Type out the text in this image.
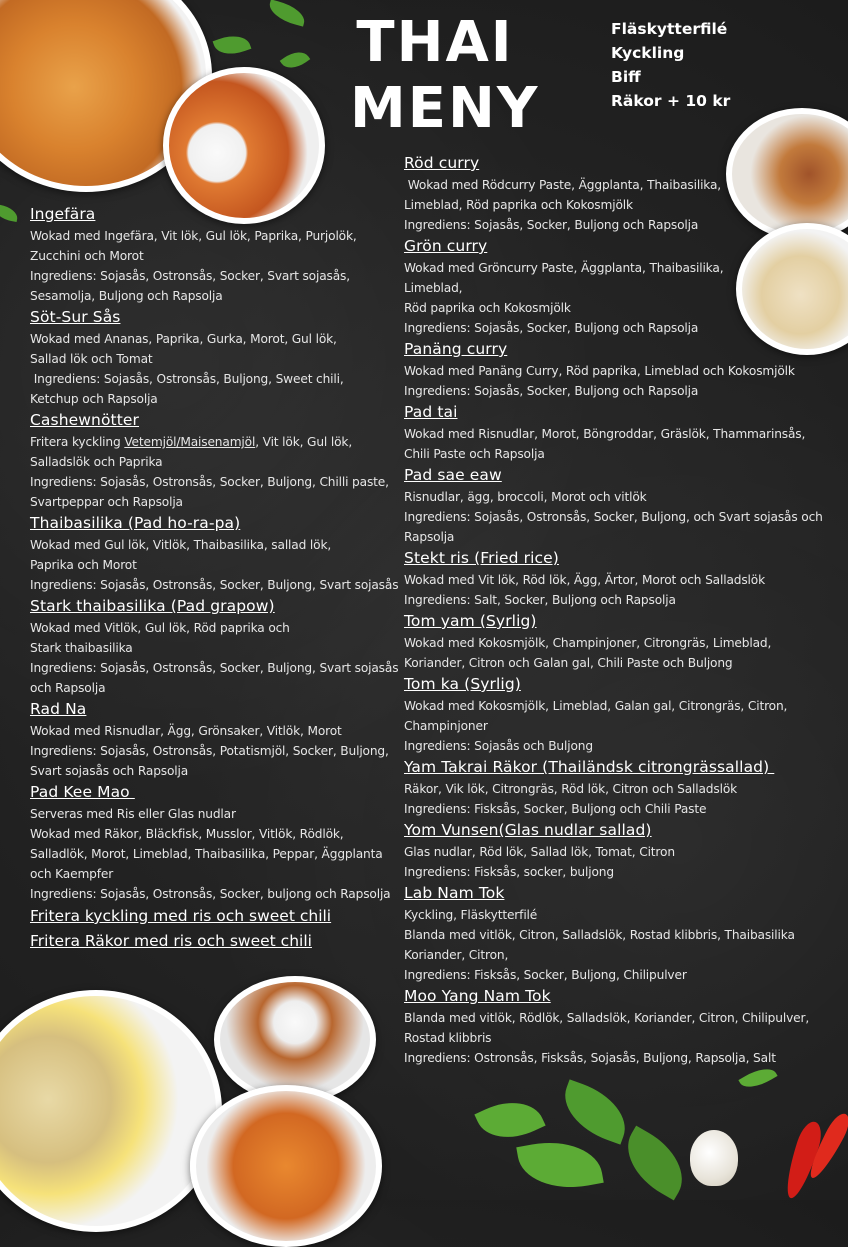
THAI
MENY
Fläskytterfilé
Kyckling
Biff
Räkor + 10 kr
Ingefära
Wokad med Ingefära, Vit lök, Gul lök, Paprika, Purjolök,
Zucchini och Morot
Ingrediens: Sojasås, Ostronsås, Socker, Svart sojasås,
Sesamolja, Buljong och Rapsolja
Söt-Sur Sås
Wokad med Ananas, Paprika, Gurka, Morot, Gul lök,
Sallad lök och Tomat
Ingrediens: Sojasås, Ostronsås, Buljong, Sweet chili,
Ketchup och Rapsolja
Cashewnötter
Fritera kyckling Vetemjöl/Maisenamjöl, Vit lök, Gul lök,
Salladslök och Paprika
Ingrediens: Sojasås, Ostronsås, Socker, Buljong, Chilli paste,
Svartpeppar och Rapsolja
Thaibasilika (Pad ho-ra-pa)
Wokad med Gul lök, Vitlök, Thaibasilika, sallad lök,
Paprika och Morot
Ingrediens: Sojasås, Ostronsås, Socker, Buljong, Svart sojasås
Stark thaibasilika (Pad grapow)
Wokad med Vitlök, Gul lök, Röd paprika och
Stark thaibasilika
Ingrediens: Sojasås, Ostronsås, Socker, Buljong, Svart sojasås
och Rapsolja
Rad Na
Wokad med Risnudlar, Ägg, Grönsaker, Vitlök, Morot
Ingrediens: Sojasås, Ostronsås, Potatismjöl, Socker, Buljong,
Svart sojasås och Rapsolja
Pad Kee Mao
Serveras med Ris eller Glas nudlar
Wokad med Räkor, Bläckfisk, Musslor, Vitlök, Rödlök,
Salladlök, Morot, Limeblad, Thaibasilika, Peppar, Äggplanta
och Kaempfer
Ingrediens: Sojasås, Ostronsås, Socker, buljong och Rapsolja
Fritera kyckling med ris och sweet chili
Fritera Räkor med ris och sweet chili
Röd curry
Wokad med Rödcurry Paste, Äggplanta, Thaibasilika,
Limeblad, Röd paprika och Kokosmjölk
Ingrediens: Sojasås, Socker, Buljong och Rapsolja
Grön curry
Wokad med Gröncurry Paste, Äggplanta, Thaibasilika,
Limeblad,
Röd paprika och Kokosmjölk
Ingrediens: Sojasås, Socker, Buljong och Rapsolja
Panäng curry
Wokad med Panäng Curry, Röd paprika, Limeblad och Kokosmjölk
Ingrediens: Sojasås, Socker, Buljong och Rapsolja
Pad tai
Wokad med Risnudlar, Morot, Böngroddar, Gräslök, Thammarinsås,
Chili Paste och Rapsolja
Pad sae eaw
Risnudlar, ägg, broccoli, Morot och vitlök
Ingrediens: Sojasås, Ostronsås, Socker, Buljong, och Svart sojasås och
Rapsolja
Stekt ris (Fried rice)
Wokad med Vit lök, Röd lök, Ägg, Ärtor, Morot och Salladslök
Ingrediens: Salt, Socker, Buljong och Rapsolja
Tom yam (Syrlig)
Wokad med Kokosmjölk, Champinjoner, Citrongräs, Limeblad,
Koriander, Citron och Galan gal, Chili Paste och Buljong
Tom ka (Syrlig)
Wokad med Kokosmjölk, Limeblad, Galan gal, Citrongräs, Citron,
Champinjoner
Ingrediens: Sojasås och Buljong
Yam Takrai Räkor (Thailändsk citrongrässallad)
Räkor, Vik lök, Citrongräs, Röd lök, Citron och Salladslök
Ingrediens: Fisksås, Socker, Buljong och Chili Paste
Yom Vunsen(Glas nudlar sallad)
Glas nudlar, Röd lök, Sallad lök, Tomat, Citron
Ingrediens: Fisksås, socker, buljong
Lab Nam Tok
Kyckling, Fläskytterfilé
Blanda med vitlök, Citron, Salladslök, Rostad klibbris, Thaibasilika
Koriander, Citron,
Ingrediens: Fisksås, Socker, Buljong, Chilipulver
Moo Yang Nam Tok
Blanda med vitlök, Rödlök, Salladslök, Koriander, Citron, Chilipulver,
Rostad klibbris
Ingrediens: Ostronsås, Fisksås, Sojasås, Buljong, Rapsolja, Salt
